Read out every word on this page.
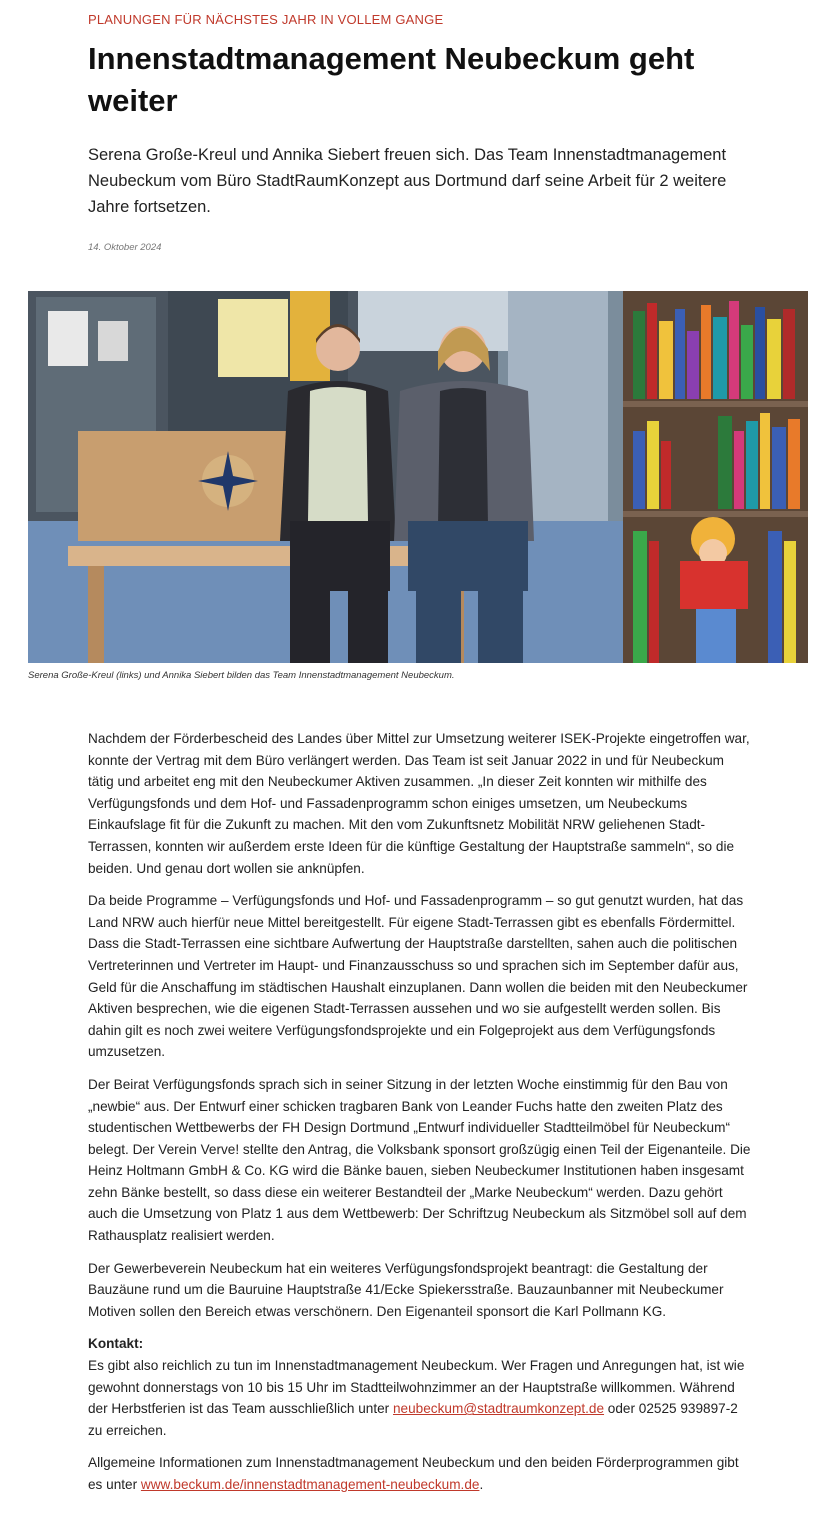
PLANUNGEN FÜR NÄCHSTES JAHR IN VOLLEM GANGE
Innenstadtmanagement Neubeckum geht weiter

Serena Große-Kreul und Annika Siebert freuen sich. Das Team Innenstadtmanagement Neubeckum vom Büro StadtRaumKonzept aus Dortmund darf seine Arbeit für 2 weitere Jahre fortsetzen.

14. Oktober 2024
Serena Große-Kreul (links) und Annika Siebert bilden das Team Innenstadtmanagement Neubeckum.

Nachdem der Förderbescheid des Landes über Mittel zur Umsetzung weiterer ISEK-Projekte eingetroffen war, konnte der Vertrag mit dem Büro verlängert werden. Das Team ist seit Januar 2022 in und für Neubeckum tätig und arbeitet eng mit den Neubeckumer Aktiven zusammen. „In dieser Zeit konnten wir mithilfe des Verfügungsfonds und dem Hof- und Fassadenprogramm schon einiges umsetzen, um Neubeckums Einkaufslage fit für die Zukunft zu machen. Mit den vom Zukunftsnetz Mobilität NRW geliehenen Stadt-Terrassen, konnten wir außerdem erste Ideen für die künftige Gestaltung der Hauptstraße sammeln“, so die beiden. Und genau dort wollen sie anknüpfen.

Da beide Programme – Verfügungsfonds und Hof- und Fassadenprogramm – so gut genutzt wurden, hat das Land NRW auch hierfür neue Mittel bereitgestellt. Für eigene Stadt-Terrassen gibt es ebenfalls Fördermittel. Dass die Stadt-Terrassen eine sichtbare Aufwertung der Hauptstraße darstellten, sahen auch die politischen Vertreterinnen und Vertreter im Haupt- und Finanzausschuss so und sprachen sich im September dafür aus, Geld für die Anschaffung im städtischen Haushalt einzuplanen. Dann wollen die beiden mit den Neubeckumer Aktiven besprechen, wie die eigenen Stadt-Terrassen aussehen und wo sie aufgestellt werden sollen. Bis dahin gilt es noch zwei weitere Verfügungsfondsprojekte und ein Folgeprojekt aus dem Verfügungsfonds umzusetzen.

Der Beirat Verfügungsfonds sprach sich in seiner Sitzung in der letzten Woche einstimmig für den Bau von „newbie“ aus. Der Entwurf einer schicken tragbaren Bank von Leander Fuchs hatte den zweiten Platz des studentischen Wettbewerbs der FH Design Dortmund „Entwurf individueller Stadtteilmöbel für Neubeckum“ belegt. Der Verein Verve! stellte den Antrag, die Volksbank sponsort großzügig einen Teil der Eigenanteile. Die Heinz Holtmann GmbH & Co. KG wird die Bänke bauen, sieben Neubeckumer Institutionen haben insgesamt zehn Bänke bestellt, so dass diese ein weiterer Bestandteil der „Marke Neubeckum“ werden. Dazu gehört auch die Umsetzung von Platz 1 aus dem Wettbewerb: Der Schriftzug Neubeckum als Sitzmöbel soll auf dem Rathausplatz realisiert werden.

Der Gewerbeverein Neubeckum hat ein weiteres Verfügungsfondsprojekt beantragt: die Gestaltung der Bauzäune rund um die Bauruine Hauptstraße 41/Ecke Spiekersstraße. Bauzaunbanner mit Neubeckumer Motiven sollen den Bereich etwas verschönern. Den Eigenanteil sponsort die Karl Pollmann KG.

Kontakt:
Es gibt also reichlich zu tun im Innenstadtmanagement Neubeckum. Wer Fragen und Anregungen hat, ist wie gewohnt donnerstags von 10 bis 15 Uhr im Stadtteilwohnzimmer an der Hauptstraße willkommen. Während der Herbstferien ist das Team ausschließlich unter neubeckum@stadtraumkonzept.de oder 02525 939897-2 zu erreichen.

Allgemeine Informationen zum Innenstadtmanagement Neubeckum und den beiden Förderprogrammen gibt es unter www.beckum.de/innenstadtmanagement-neubeckum.de.
